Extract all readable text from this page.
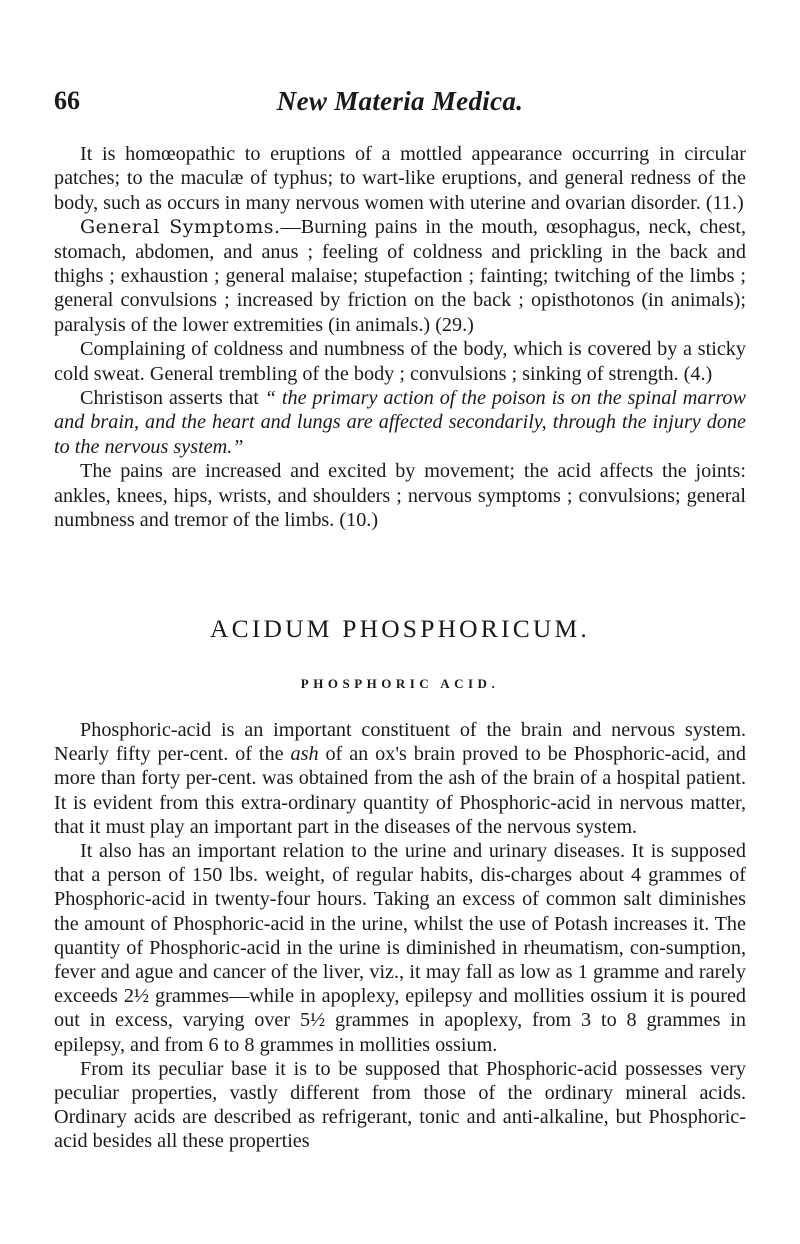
66	New Materia Medica.

It is homœopathic to eruptions of a mottled appearance occurring in circular patches; to the maculæ of typhus; to wart-like eruptions, and general redness of the body, such as occurs in many nervous women with uterine and ovarian disorder. (11.)

General Symptoms.—Burning pains in the mouth, œsophagus, neck, chest, stomach, abdomen, and anus ; feeling of coldness and prickling in the back and thighs ; exhaustion ; general malaise; stupefaction ; fainting; twitching of the limbs ; general convulsions ; increased by friction on the back ; opisthotonos (in animals); paralysis of the lower extremities (in animals.) (29.)

Complaining of coldness and numbness of the body, which is covered by a sticky cold sweat. General trembling of the body ; convulsions ; sinking of strength. (4.)

Christison asserts that “ the primary action of the poison is on the spinal marrow and brain, and the heart and lungs are affected secondarily, through the injury done to the nervous system.”

The pains are increased and excited by movement; the acid affects the joints: ankles, knees, hips, wrists, and shoulders ; nervous symptoms ; convulsions; general numbness and tremor of the limbs. (10.)

ACIDUM PHOSPHORICUM.
PHOSPHORIC ACID.

Phosphoric-acid is an important constituent of the brain and nervous system. Nearly fifty per-cent. of the ash of an ox's brain proved to be Phosphoric-acid, and more than forty per-cent. was obtained from the ash of the brain of a hospital patient. It is evident from this extra-ordinary quantity of Phosphoric-acid in nervous matter, that it must play an important part in the diseases of the nervous system.

It also has an important relation to the urine and urinary diseases. It is supposed that a person of 150 lbs. weight, of regular habits, dis-charges about 4 grammes of Phosphoric-acid in twenty-four hours. Taking an excess of common salt diminishes the amount of Phosphoric-acid in the urine, whilst the use of Potash increases it. The quantity of Phosphoric-acid in the urine is diminished in rheumatism, con-sumption, fever and ague and cancer of the liver, viz., it may fall as low as 1 gramme and rarely exceeds 2½ grammes—while in apoplexy, epilepsy and mollities ossium it is poured out in excess, varying over 5½ grammes in apoplexy, from 3 to 8 grammes in epilepsy, and from 6 to 8 grammes in mollities ossium.

From its peculiar base it is to be supposed that Phosphoric-acid possesses very peculiar properties, vastly different from those of the ordinary mineral acids. Ordinary acids are described as refrigerant, tonic and anti-alkaline, but Phosphoric-acid besides all these properties
